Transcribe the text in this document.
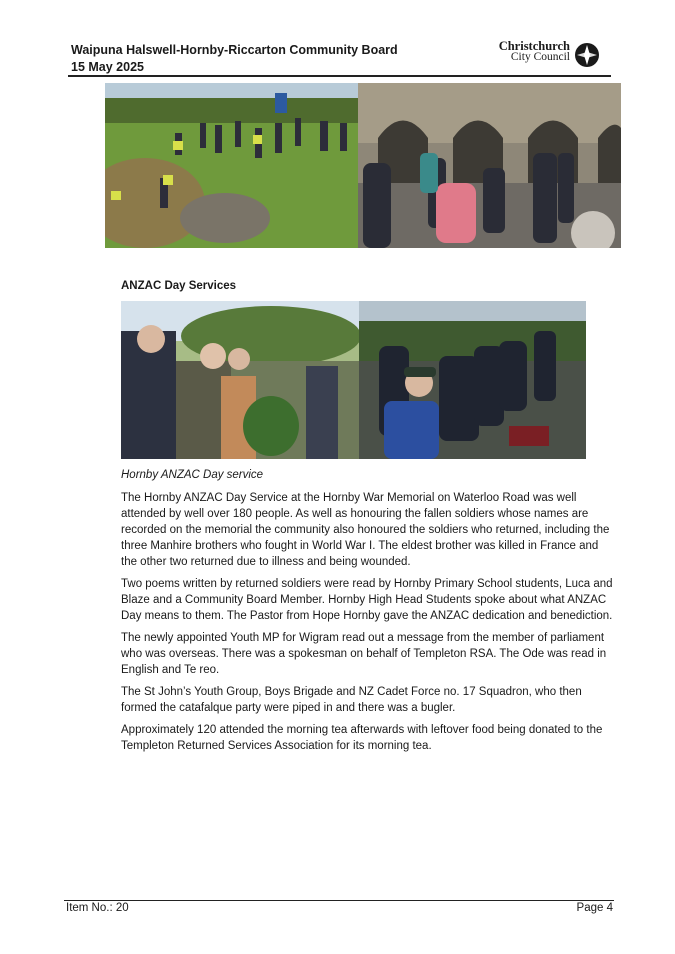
Waipuna Halswell-Hornby-Riccarton Community Board
15 May 2025
Christchurch
City Council
ANZAC Day Services
Hornby ANZAC Day service

The Hornby ANZAC Day Service at the Hornby War Memorial on Waterloo Road was well attended by well over 180 people. As well as honouring the fallen soldiers whose names are recorded on the memorial the community also honoured the soldiers who returned, including the three Manhire brothers who fought in World War I. The eldest brother was killed in France and the other two returned due to illness and being wounded.

Two poems written by returned soldiers were read by Hornby Primary School students, Luca and Blaze and a Community Board Member. Hornby High Head Students spoke about what ANZAC Day means to them. The Pastor from Hope Hornby gave the ANZAC dedication and benediction.

The newly appointed Youth MP for Wigram read out a message from the member of parliament who was overseas. There was a spokesman on behalf of Templeton RSA. The Ode was read in English and Te reo.

The St John’s Youth Group, Boys Brigade and NZ Cadet Force no. 17 Squadron, who then formed the catafalque party were piped in and there was a bugler.

Approximately 120 attended the morning tea afterwards with leftover food being donated to the Templeton Returned Services Association for its morning tea.

Item No.: 20	Page 4
